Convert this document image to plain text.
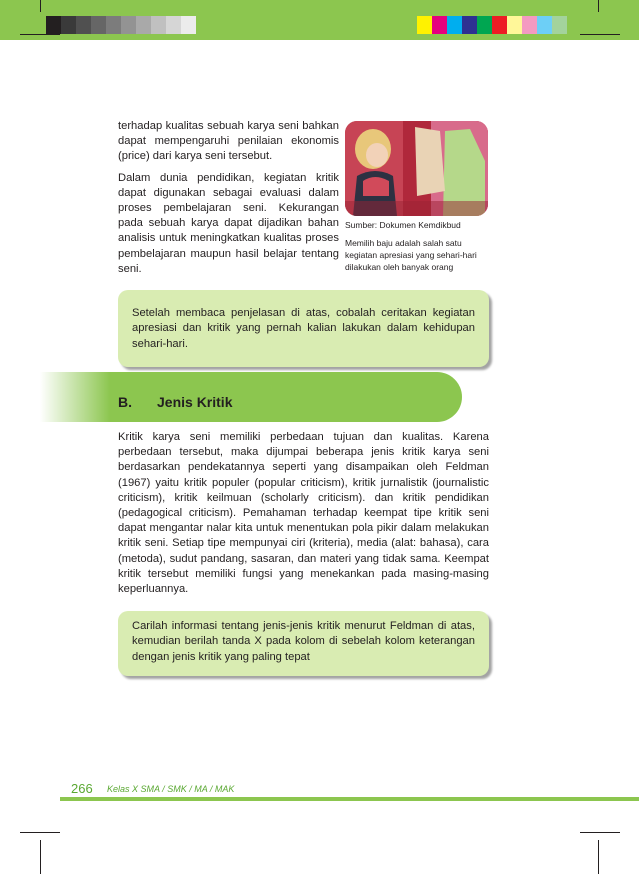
terhadap kualitas sebuah karya seni bahkan dapat mempengaruhi penilaian ekonomis (price) dari karya seni tersebut.

Dalam dunia pendidikan, kegiatan kritik dapat digunakan sebagai evaluasi dalam proses pembelajaran seni. Kekurangan pada sebuah karya dapat dijadikan bahan analisis untuk meningkatkan kualitas proses pembelajaran maupun hasil belajar tentang seni.

Sumber: Dokumen Kemdikbud
Memilih baju adalah salah satu kegiatan apresiasi yang sehari-hari dilakukan oleh banyak orang
Setelah membaca penjelasan di atas, cobalah ceritakan kegiatan apresiasi dan kritik yang pernah kalian lakukan dalam kehidupan sehari-hari.
B. Jenis Kritik

Kritik karya seni memiliki perbedaan tujuan dan kualitas. Karena perbedaan tersebut, maka dijumpai beberapa jenis kritik karya seni berdasarkan pendekatannya seperti yang disampaikan oleh Feldman (1967) yaitu kritik populer (popular criticism), kritik jurnalistik (journalistic criticism), kritik keilmuan (scholarly criticism). dan kritik pendidikan (pedagogical criticism). Pemahaman terhadap keempat tipe kritik seni dapat mengantar nalar kita untuk menentukan pola pikir dalam melakukan kritik seni. Setiap tipe mempunyai ciri (kriteria), media (alat: bahasa), cara (metoda), sudut pandang, sasaran, dan materi yang tidak sama. Keempat kritik tersebut memiliki fungsi yang menekankan pada masing-masing keperluannya.

Carilah informasi tentang jenis-jenis kritik menurut Feldman di atas, kemudian berilah tanda X pada kolom di sebelah kolom keterangan dengan jenis kritik yang paling tepat
266 Kelas X SMA / SMK / MA / MAK
